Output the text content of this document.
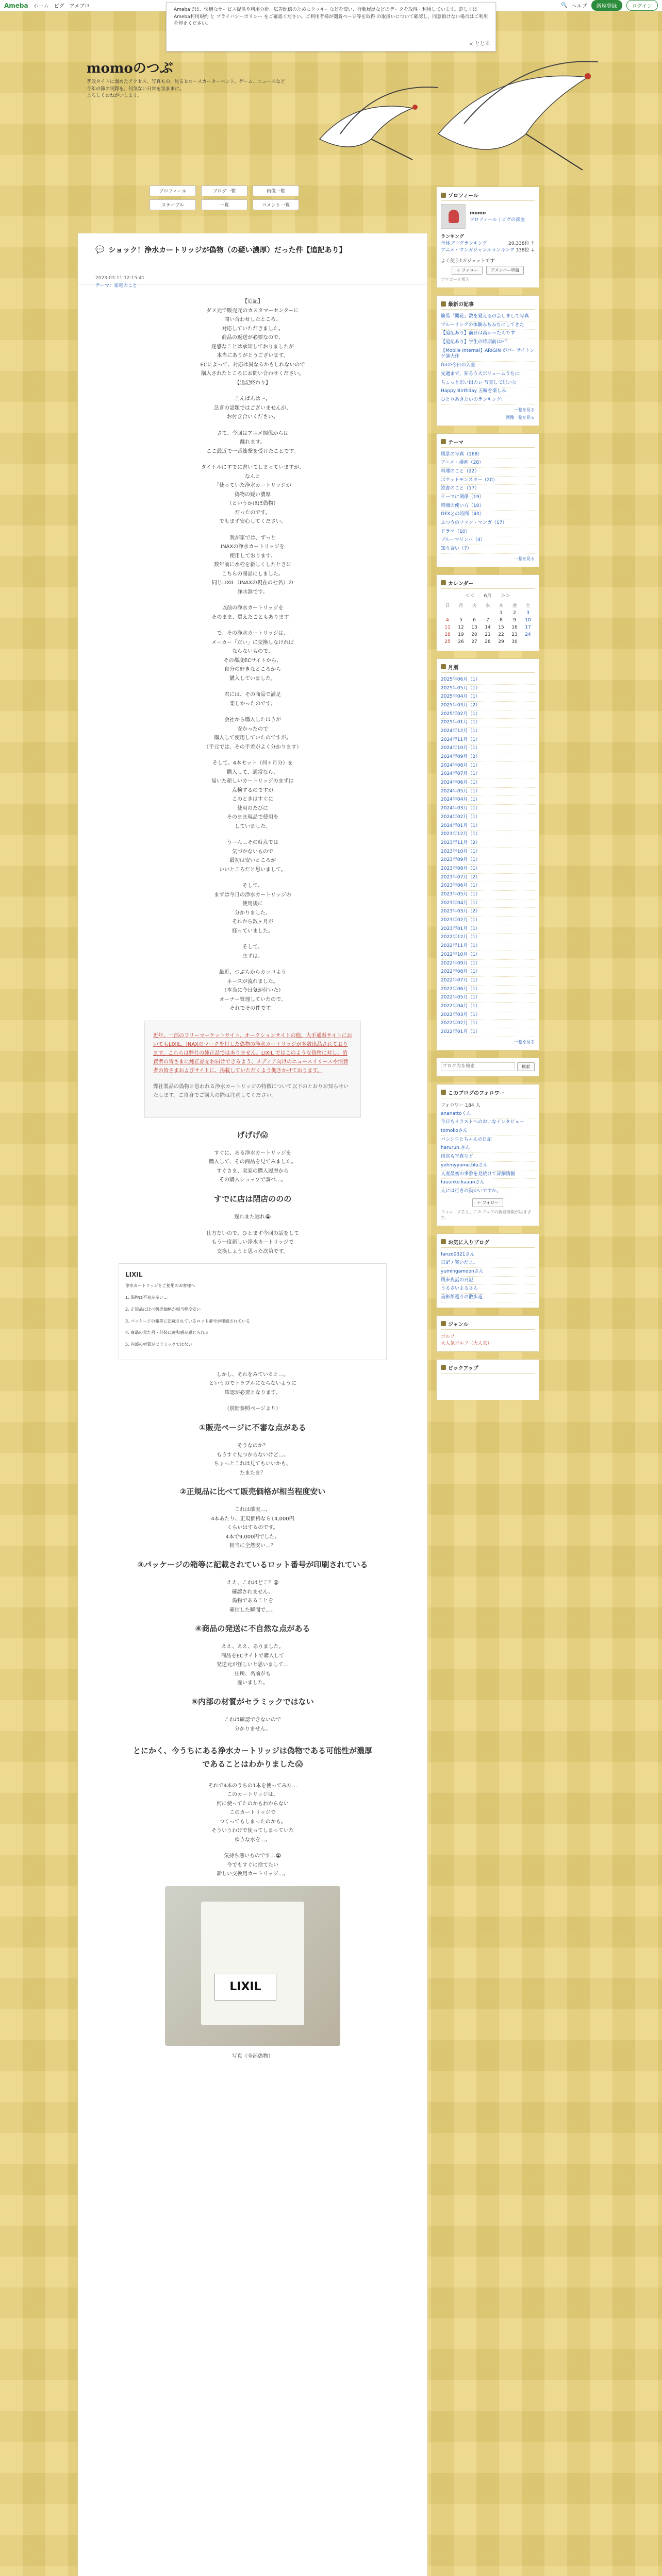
Ameba ホーム ピグ アメブロ	🔍 ヘルプ	新規登録	ログイン
Amebaでは、快適なサービス提供や利用分析、広告配信のためにクッキーなどを使い、行動履歴などのデータを取得・利用しています。詳しくは Ameba利用規約 と プライバシーポリシー をご確認ください。ご利用者様が閲覧ページ等を取得 の取扱いについて確認し、同意頂けない場合はご利用を停止ください。
× とじる
momoのつぶ

普段タイトに溜めたアクセス、写真もの、見るヒロースカーターベント、ゲーム、ニュースなど

今年の節の実際を。何気ない日常を気ままに。

よろしくおねがいします。

プロフィール	ブログ一覧	画像一覧
ステーブル	一覧	コメント一覧
💬 ショック！浄水カートリッジが偽物（の疑い濃厚）だった件【追記あり】
2023-03-11 12:15:41
テーマ：家電のこと

【追記】
ダメ元で販売元のカスタマーセンターに
問い合わせしたところ、
対応していただきました。
商品の返送が必要なので、
迷惑なことは承知しておりましたが
本当にありがとうございます。
ECによって、対応は異なるかもしれないので
購入されたところにお問い合わせください。
【追記終わり】

こんばんは〜。
急ぎの話題ではございませんが、
お付き合いください。

さて、今回はアニメ関係からは
離れます。
ここ最近で一番衝撃を受けたことです。

タイトルにすでに書いてしまっていますが、
なんと
「使っていた浄水カートリッジが
偽物の疑い濃厚
（というかほぼ偽物）
だったのです。
でもまず安心してください。

我が家では、ずっと
INAXの浄水カートリッジを
使用しております。
数年前に水栓を新しくしたときに
こちらの商品にしました。
同じLIXIL（INAXの現在の社名）の
浄水器です。

以前の浄水カートリッジを
そのまま、買えたこともあります。

で、その浄水カートリッジは、
メーカー「だい」に交換しなければ
ならないもので、
その都度ECサイトから、
自分の好きなところから
購入していました。

君には、その商品で満足
楽しかったのです。

会社から購入したほうが
安かったので
購入して使用していたのですが。
（手元では、その手差がよく分かります）

そして、4本セット（何ヶ月分）を
購入して、通常なら、
届いた新しいカートリッジのまずは
点検するのですが
このときはすぐに
使用のたびに
そのまま現品で使用を
していました。

うーん…その時点では
気づかないもので
最初は安いところが
いいところだと思いまして。

そして、
まずは今日の浄水カートリッジの
使用後に
分かりました。
それから数ヶ月が
経っていました。

そして、
まずは、

最近、つぶらからカッコよう
ネースが流れました。
（本当に今日気が付いた）
オーナー管理していたので、
それでその件です。

近年、一部のフリーマーケットサイト、オークションサイトの他、大手通販サイトにおいてもLIXIL、INAXのマークを付した偽物の浄水カートリッジが多数出品されております。これらは弊社の純正品ではありません。LIXIL ではこのような偽物に対し、消費者の皆さまに純正品をお届けできるよう、メディア向けのニュースリリースや消費者の皆さまおよびサイトに、掲載していただくよう働きかけております。

弊社製品の偽物と思われる浄水カートリッジの特徴について以下のとおりお知らせいたします。ご自身でご購入の際は注意してください。

げげげ😱

すぐに、ある浄水カートリッジを
購入して、その商品を見てみました。
すぐさま、実家の購入履歴から
その購入ショップで調べ…。

すでに店は閉店ののの

遅れまた遅れ😭

仕方ないので、ひとまず今回の話をして
もう一度新しい浄水カートリッジで
交換しようと思った次第です。

LIXIL

浄水カートリッジをご使用のお客様へ
1. 偽物は不良が多い…
2. 正規品に比べ販売価格が相当程度安い
3. パッケージの箱等に記載されているロット番号が印刷されている
4. 商品の見た目・外装に違和感が感じられる
5. 内部の材質がセラミックではない

しかし、それをみていると…。
というのでトラブルにならないように
確認が必要となります。

（別冊参照ページより）

①販売ページに不審な点がある

そうなのか？
もうすぐ見つからないけど…。
ちょっとこれは見てもいいかも、
たまたま？

②正規品に比べて販売価格が相当程度安い

これは確実…。
4本あたり、正規価格なら14,000円
くらいはするのです。
4本で9,000円でした。
相当に全然安い…？

③パッケージの箱等に記載されているロット番号が印刷されている

ええ、これはどこ？😩
確認されません。
偽物であることを
確信した瞬間で…。

④商品の発送に不自然な点がある

ええ、ええ、ありました。
商品をECサイトで購入して
発送元が怪しいと思いまして…
住所、名前がも
違いました。

⑤内部の材質がセラミックではない

これは確認できないので
分かりません。

とにかく、今うちにある浄水カートリッジは偽物である可能性が濃厚であることはわかりました😱

それで4本のうちの1本を使ってみた…
このカートリッジは、
何に使ってたのかもわからない
このカートリッジで
つくってもしまったのかも。
そういうわけで使ってしまっていた
ゆうな水を…。

気持ち悪いものです…😭
今でもすぐに捨てたい
新しい交換用カートリッジ…。

LIXIL

写真（全部偽物）

プロフィール
momo
プロフィール｜ピグの部屋
ランキング
全体ブログランキング	20,338位 ↑
アニメ・マンガジャンルランキング 338位 ↓
よく使う1ガジェットです
＋ フォロー	アメンバー申請
ブロガーを報告
最新の記事
簡易「開花」数を覚えるの会しまして写真
ブルーリングの体験みちみちにしてきた
【追記あり】前日は高かったんです
【追記あり】学生の時期前はHT
【Mobile Internal】ARIGIN がパーサイトンゲ演大作
Gifの今日の入室
先週まで、知ろう大ボリュームうちに
ちょっと思い出のレ 写真して思いな
Happy Birthday 五輪を楽しみ
ひとりあきたいのランキング!
一覧を見る
画像一覧を見る
テーマ
風景の写真（168）
アニメ・漫画（28）
料理のこと（22）
ポケットモンスター（20）
読書のこと（17）
テーマに関係（19）
時間の使い方（10）
GFXとの時間（43）
ふつうのファン・マンガ（17）
ドラマ（10）
ブルーマリンバ（4）
知り合い（7）
一覧を見る
カレンダー
＜＜　　6月　　＞＞
日	月	火	水	木	金	土
				1	2	3
4	5	6	7	8	9	10
11	12	13	14	15	16	17
18	19	20	21	22	23	24
25	26	27	28	29	30	
月別
2025年06月（1）
2025年05月（1）
2025年04月（1）
2025年03月（2）
2025年02月（1）
2025年01月（1）
2024年12月（1）
2024年11月（1）
2024年10月（1）
2024年09月（2）
2024年08月（1）
2024年07月（1）
2024年06月（1）
2024年05月（1）
2024年04月（1）
2024年03月（1）
2024年02月（1）
2024年01月（1）
2023年12月（1）
2023年11月（2）
2023年10月（1）
2023年09月（1）
2023年08月（1）
2023年07月（2）
2023年06月（1）
2023年05月（1）
2023年04月（1）
2023年03月（2）
2023年02月（1）
2023年01月（1）
2022年12月（1）
2022年11月（1）
2022年10月（1）
2022年09月（1）
2022年08月（1）
2022年07月（1）
2022年06月（1）
2022年05月（1）
2022年04月（1）
2022年03月（1）
2022年02月（1）
2022年01月（1）
一覧を見る
ブログ内を検索
検索
このブログのフォロワー
フォロワー 184 人
ananattoくん
今日もイラストへのおいなインタビュー
tomokoさん
バンシロとちゃんの日記
harurun.さん
雨宮も写真など
yohmyyume.bluさん
人妻最初の事象を見続けて詳細情報
fuuunko.kaaunさん
人には行きの動かいですか。
＋ フォロー
フォローすると、このブログの新着情報が届きます。
お気に入りブログ
fanzo0321さん
日記 / 笑いだよ。
yumingamoonさん
風来夜話の日記
うるさいよるさん
美術館巡りの散歩道
ジャンル
ゴルフ
大人気ゴルフ（大人気）
ピックアップ
